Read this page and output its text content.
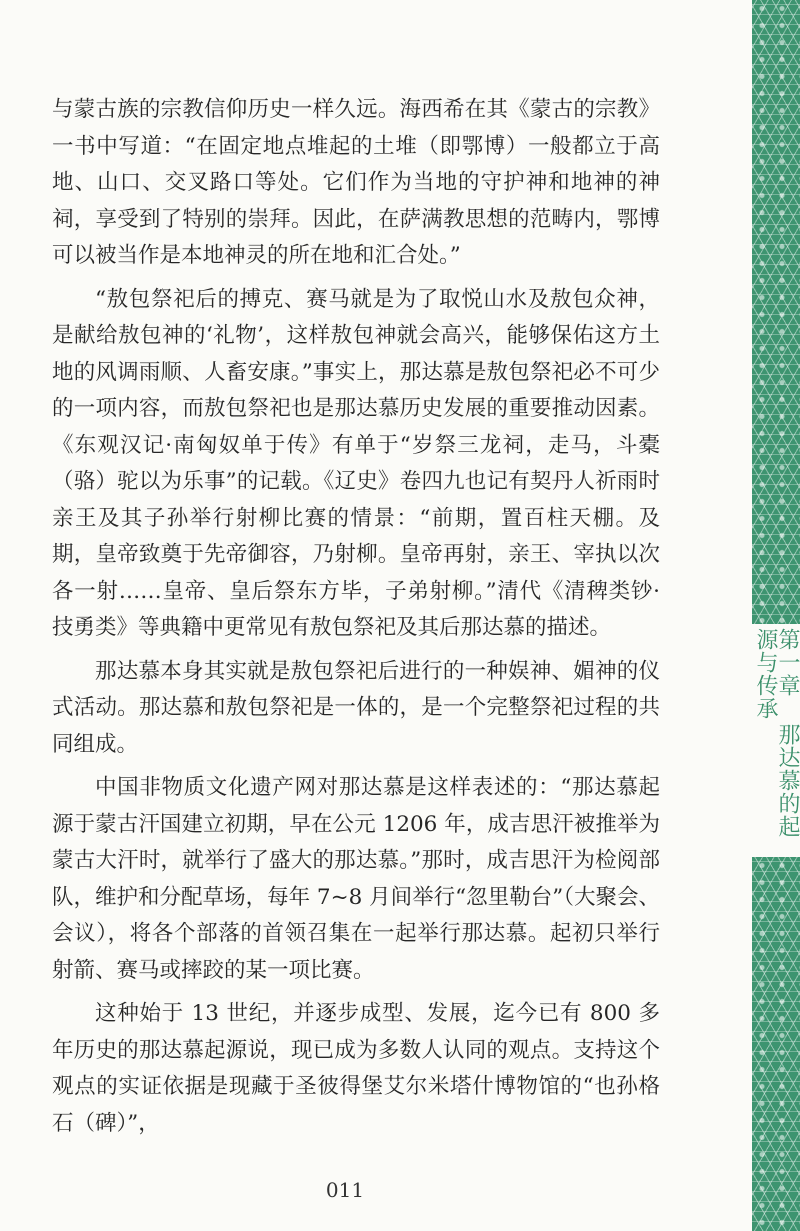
与蒙古族的宗教信仰历史一样久远。海西希在其《蒙古的宗教》一书中写道：“在固定地点堆起的土堆（即鄂博）一般都立于高地、山口、交叉路口等处。它们作为当地的守护神和地神的神祠，享受到了特别的崇拜。因此，在萨满教思想的范畴内，鄂博可以被当作是本地神灵的所在地和汇合处。”

“敖包祭祀后的搏克、赛马就是为了取悦山水及敖包众神，是献给敖包神的‘礼物’，这样敖包神就会高兴，能够保佑这方土地的风调雨顺、人畜安康。”事实上，那达慕是敖包祭祀必不可少的一项内容，而敖包祭祀也是那达慕历史发展的重要推动因素。《东观汉记·南匈奴单于传》有单于“岁祭三龙祠，走马，斗橐（骆）驼以为乐事”的记载。《辽史》卷四九也记有契丹人祈雨时亲王及其子孙举行射柳比赛的情景：“前期，置百柱天棚。及期，皇帝致奠于先帝御容，乃射柳。皇帝再射，亲王、宰执以次各一射……皇帝、皇后祭东方毕，子弟射柳。”清代《清稗类钞·技勇类》等典籍中更常见有敖包祭祀及其后那达慕的描述。

那达慕本身其实就是敖包祭祀后进行的一种娱神、媚神的仪式活动。那达慕和敖包祭祀是一体的，是一个完整祭祀过程的共同组成。

中国非物质文化遗产网对那达慕是这样表述的：“那达慕起源于蒙古汗国建立初期，早在公元 1206 年，成吉思汗被推举为蒙古大汗时，就举行了盛大的那达慕。”那时，成吉思汗为检阅部队，维护和分配草场，每年 7~8 月间举行“忽里勒台”（大聚会、会议），将各个部落的首领召集在一起举行那达慕。起初只举行射箭、赛马或摔跤的某一项比赛。

这种始于 13 世纪，并逐步成型、发展，迄今已有 800 多年历史的那达慕起源说，现已成为多数人认同的观点。支持这个观点的实证依据是现藏于圣彼得堡艾尔米塔什博物馆的“也孙格石（碑）”，

011
第一章 那达慕的起源与传承
